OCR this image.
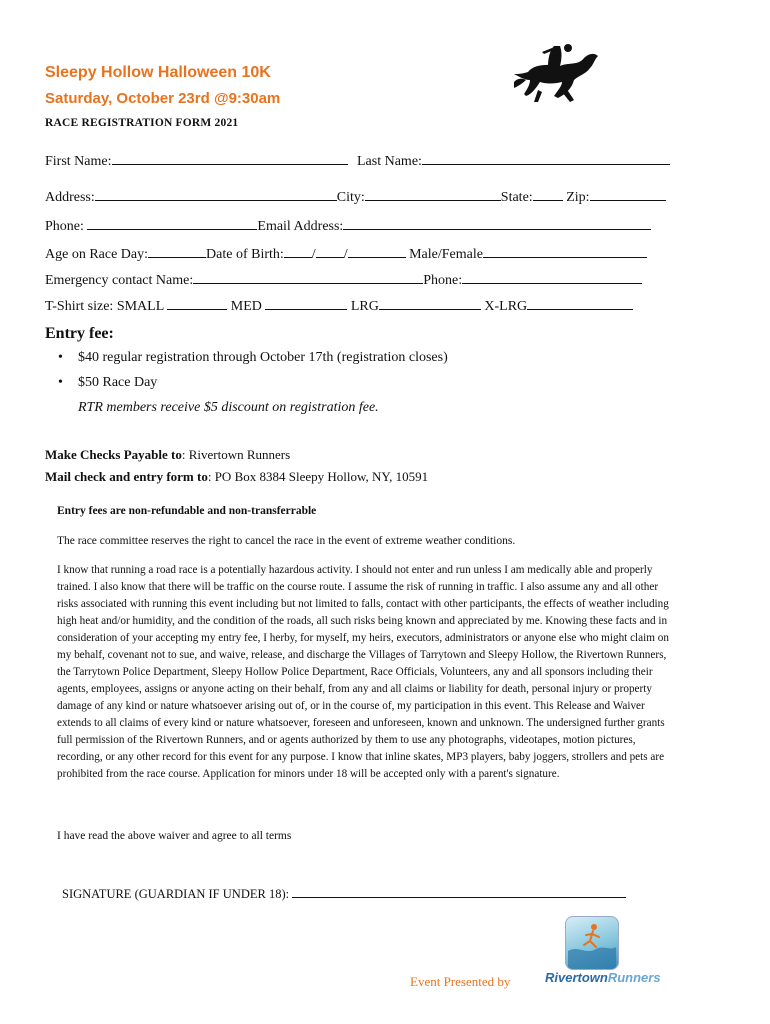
Sleepy Hollow Halloween 10K
Saturday, October 23rd @9:30am
RACE REGISTRATION FORM 2021
First Name:	Last Name:
Address:	City:	State: Zip:
Phone:	Email Address:
Age on Race Day:	Date of Birth: / /	Male/Female
Emergency contact Name:	Phone:
T-Shirt size: SMALL	MED	LRG	X-LRG
Entry fee:
• $40 regular registration through October 17th (registration closes)
• $50 Race Day
RTR members receive $5 discount on registration fee.
Make Checks Payable to: Rivertown Runners
Mail check and entry form to: PO Box 8384 Sleepy Hollow, NY, 10591
Entry fees are non-refundable and non-transferrable
The race committee reserves the right to cancel the race in the event of extreme weather conditions.
I know that running a road race is a potentially hazardous activity. I should not enter and run unless I am medically able and properly trained. I also know that there will be traffic on the course route. I assume the risk of running in traffic. I also assume any and all other risks associated with running this event including but not limited to falls, contact with other participants, the effects of weather including high heat and/or humidity, and the condition of the roads, all such risks being known and appreciated by me. Knowing these facts and in consideration of your accepting my entry fee, I herby, for myself, my heirs, executors, administrators or anyone else who might claim on my behalf, covenant not to sue, and waive, release, and discharge the Villages of Tarrytown and Sleepy Hollow, the Rivertown Runners, the Tarrytown Police Department, Sleepy Hollow Police Department, Race Officials, Volunteers, any and all sponsors including their agents, employees, assigns or anyone acting on their behalf, from any and all claims or liability for death, personal injury or property damage of any kind or nature whatsoever arising out of, or in the course of, my participation in this event. This Release and Waiver extends to all claims of every kind or nature whatsoever, foreseen and unforeseen, known and unknown. The undersigned further grants full permission of the Rivertown Runners, and or agents authorized by them to use any photographs, videotapes, motion pictures, recording, or any other record for this event for any purpose. I know that inline skates, MP3 players, baby joggers, strollers and pets are prohibited from the race course. Application for minors under 18 will be accepted only with a parent's signature.
I have read the above waiver and agree to all terms
SIGNATURE (GUARDIAN IF UNDER 18):
Event Presented by	RivertownRunners
